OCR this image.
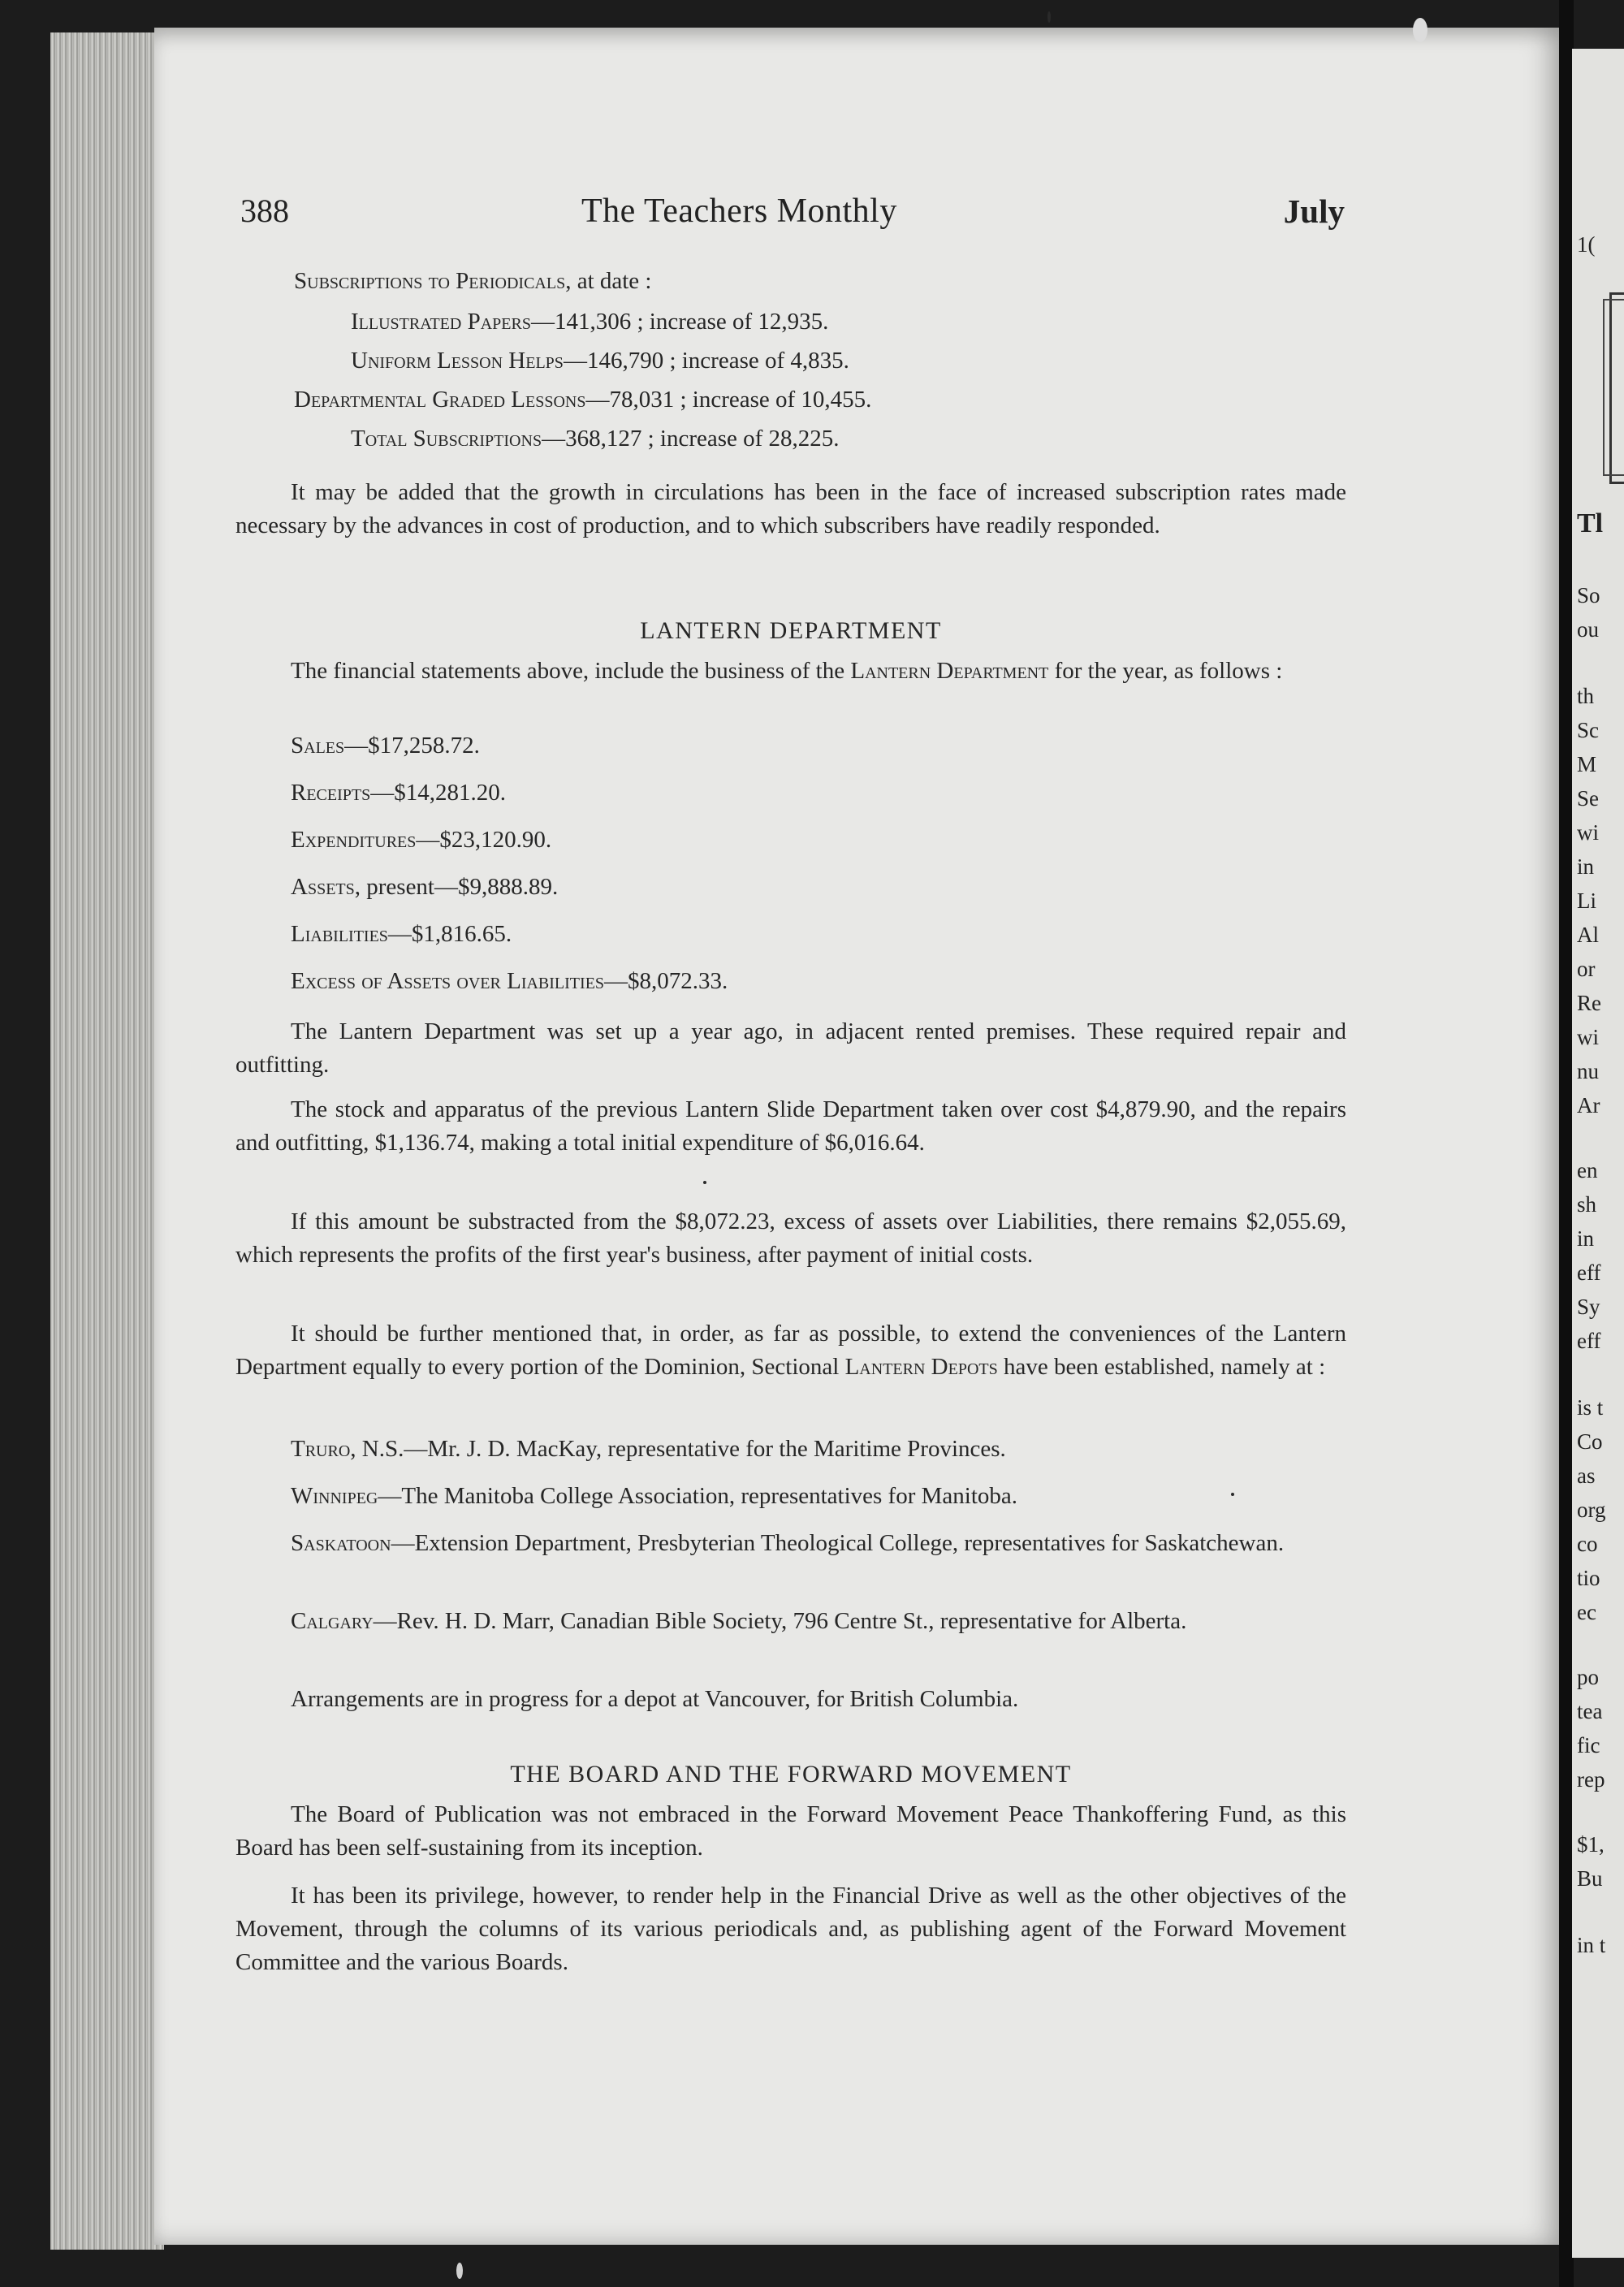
388	The Teachers Monthly	July
Subscriptions to Periodicals, at date :
Illustrated Papers—141,306 ; increase of 12,935.
Uniform Lesson Helps—146,790 ; increase of 4,835.
Departmental Graded Lessons—78,031 ; increase of 10,455.
Total Subscriptions—368,127 ; increase of 28,225.
It may be added that the growth in circulations has been in the face of increased subscription rates made necessary by the advances in cost of production, and to which subscribers have readily responded.
LANTERN DEPARTMENT
The financial statements above, include the business of the Lantern Department for the year, as follows :
Sales—$17,258.72.
Receipts—$14,281.20.
Expenditures—$23,120.90.
Assets, present—$9,888.89.
Liabilities—$1,816.65.
Excess of Assets over Liabilities—$8,072.33.
The Lantern Department was set up a year ago, in adjacent rented premises. These required repair and outfitting.
The stock and apparatus of the previous Lantern Slide Department taken over cost $4,879.90, and the repairs and outfitting, $1,136.74, making a total initial expenditure of $6,016.64.
If this amount be substracted from the $8,072.23, excess of assets over Liabilities, there remains $2,055.69, which represents the profits of the first year's business, after payment of initial costs.
It should be further mentioned that, in order, as far as possible, to extend the conveniences of the Lantern Department equally to every portion of the Dominion, Sectional Lantern Depots have been established, namely at :
Truro, N.S.—Mr. J. D. MacKay, representative for the Maritime Provinces.
Winnipeg—The Manitoba College Association, representatives for Manitoba.
Saskatoon—Extension Department, Presbyterian Theological College, representatives for Saskatchewan.
Calgary—Rev. H. D. Marr, Canadian Bible Society, 796 Centre St., representative for Alberta.
Arrangements are in progress for a depot at Vancouver, for British Columbia.
THE BOARD AND THE FORWARD MOVEMENT
The Board of Publication was not embraced in the Forward Movement Peace Thankoffering Fund, as this Board has been self-sustaining from its inception.
It has been its privilege, however, to render help in the Financial Drive as well as the other objectives of the Movement, through the columns of its various periodicals and, as publishing agent of the Forward Movement Committee and the various Boards.
1(
Tl
So
ou
th
Sc
M
Se
wi
in
Li
Al
or
Re
wi
nu
Ar
en
sh
in
eff
Sy
eff
is t
Co
as
org
co
tio
ec
po
tea
fic
rep
$1,
Bu
in t
